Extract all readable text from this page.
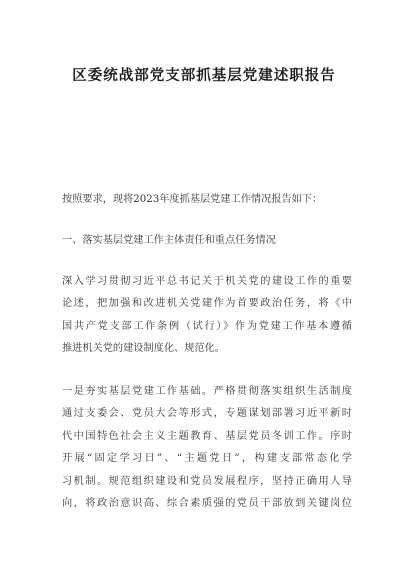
区委统战部党支部抓基层党建述职报告
按照要求，现将2023年度抓基层党建工作情况报告如下：
一、落实基层党建工作主体责任和重点任务情况
深入学习贯彻习近平总书记关于机关党的建设工作的重要
论述，把加强和改进机关党建作为首要政治任务，将《中
国共产党支部工作条例（试行）》作为党建工作基本遵循
推进机关党的建设制度化、规范化。
一是夯实基层党建工作基础。严格贯彻落实组织生活制度
通过支委会、党员大会等形式，专题谋划部署习近平新时
代中国特色社会主义主题教育、基层党员冬训工作。序时
开展“固定学习日”、“主题党日”，构建支部常态化学
习机制。规范组织建设和党员发展程序，坚持正确用人导
向，将政治意识高、综合素质强的党员干部放到关键岗位
